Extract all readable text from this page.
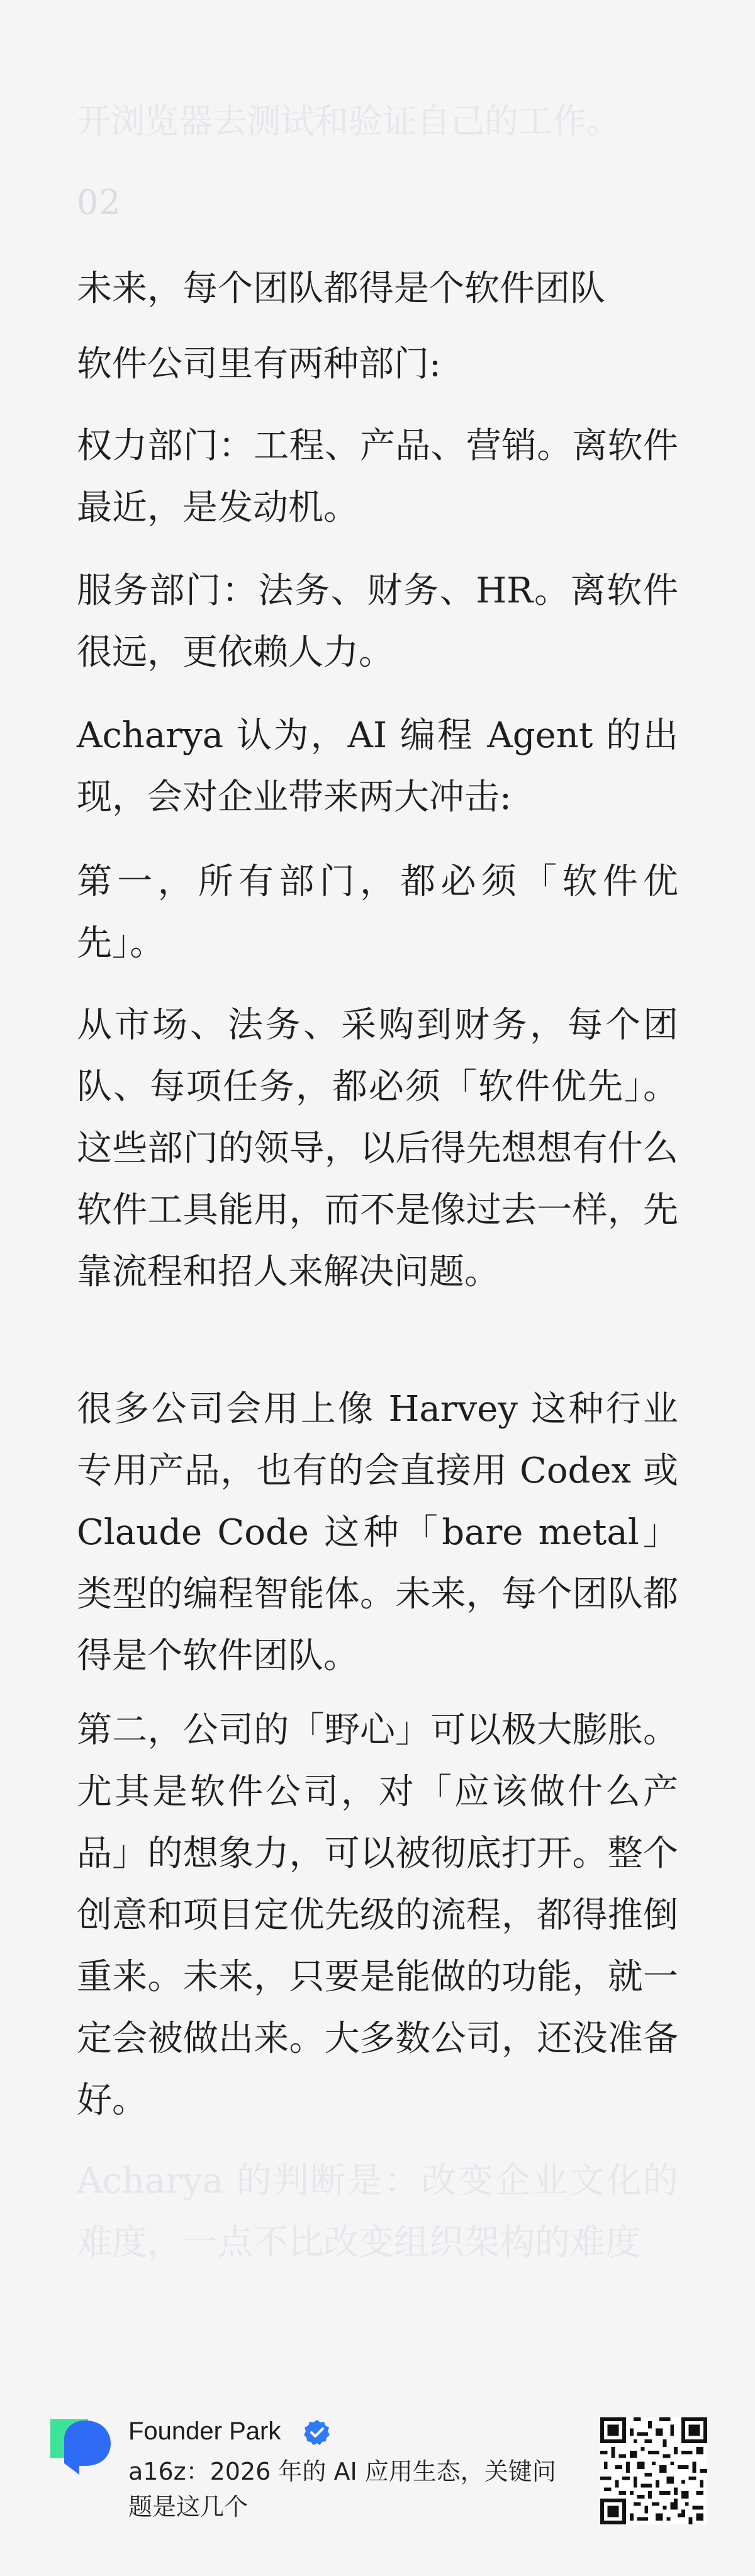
开浏览器去测试和验证自己的工作。
02

未来，每个团队都得是个软件团队

软件公司里有两种部门:

权力部门：工程、产品、营销。离软件最近，是发动机。

服务部门：法务、财务、HR。离软件很远，更依赖人力。

Acharya 认为，AI 编程 Agent 的出现，会对企业带来两大冲击:

第一，所有部门，都必须「软件优先」。

从市场、法务、采购到财务，每个团队、每项任务，都必须「软件优先」。这些部门的领导，以后得先想想有什么软件工具能用，而不是像过去一样，先靠流程和招人来解决问题。

很多公司会用上像 Harvey 这种行业专用产品，也有的会直接用 Codex 或 Claude Code 这种「bare metal」类型的编程智能体。未来，每个团队都得是个软件团队。

第二，公司的「野心」可以极大膨胀。尤其是软件公司，对「应该做什么产品」的想象力，可以被彻底打开。整个创意和项目定优先级的流程，都得推倒重来。未来，只要是能做的功能，就一定会被做出来。大多数公司，还没准备好。

Acharya 的判断是：改变企业文化的难度，一点不比改变组织架构的难度

Founder Park
a16z：2026 年的 AI 应用生态，关键问题是这几个
